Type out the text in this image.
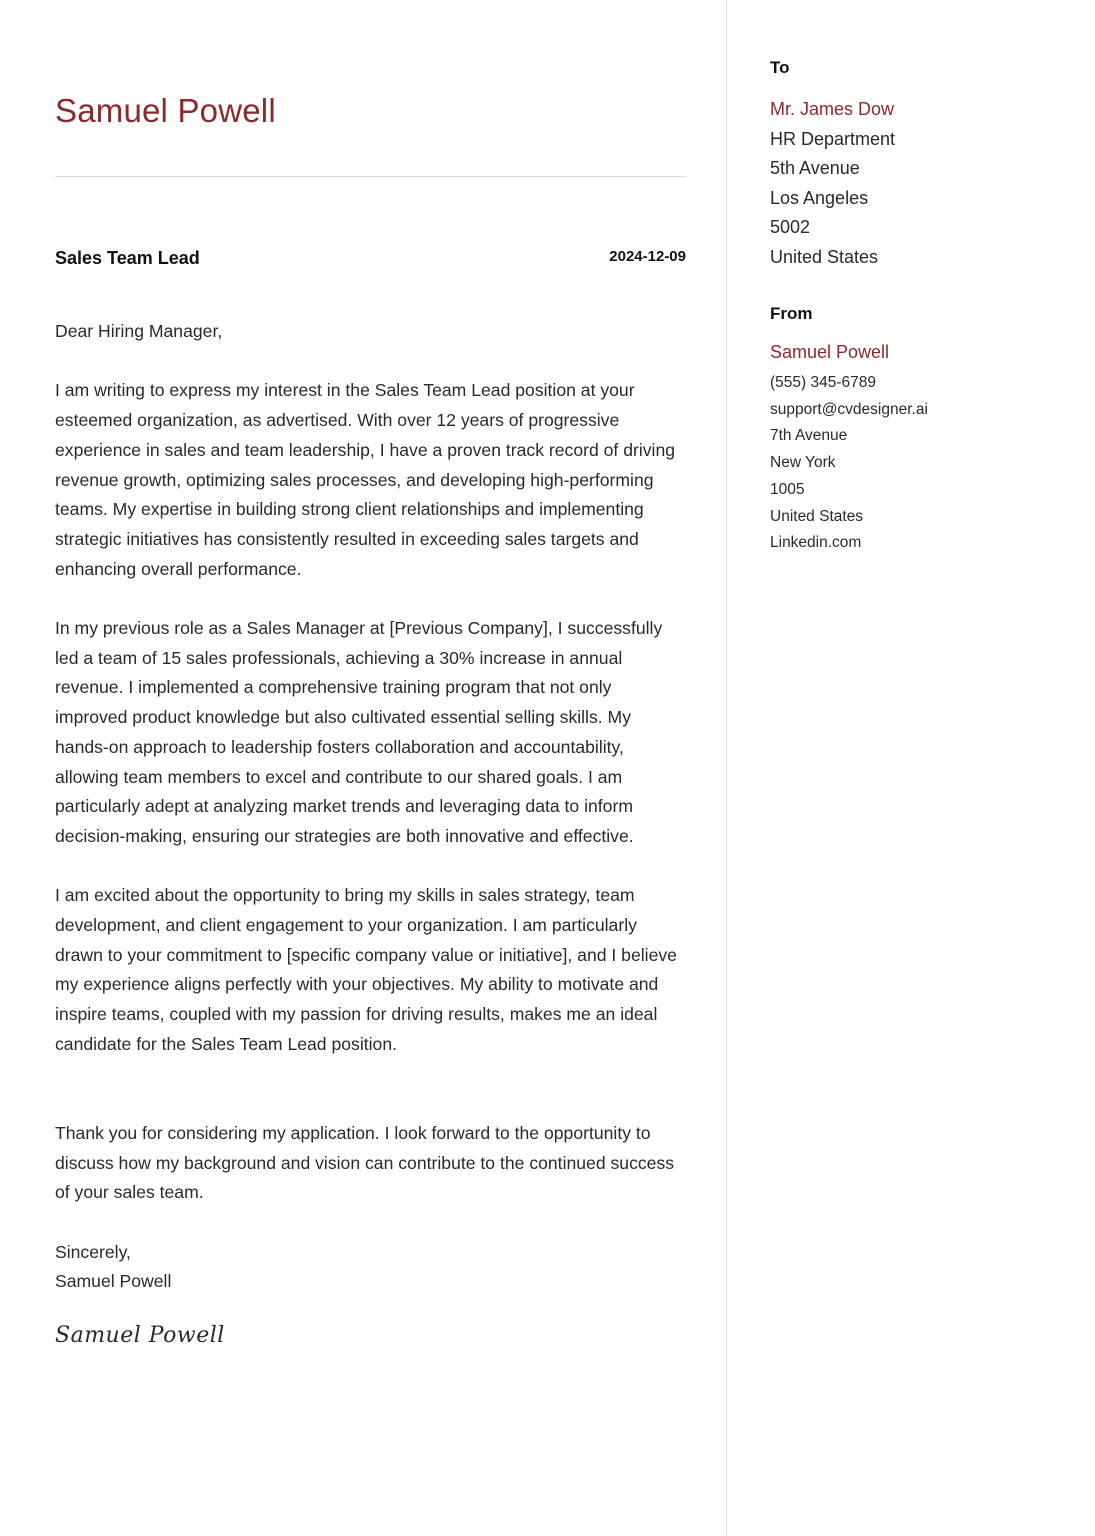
Samuel Powell
Sales Team Lead	2024-12-09

Dear Hiring Manager,

I am writing to express my interest in the Sales Team Lead position at your esteemed organization, as advertised. With over 12 years of progressive experience in sales and team leadership, I have a proven track record of driving revenue growth, optimizing sales processes, and developing high-performing teams. My expertise in building strong client relationships and implementing strategic initiatives has consistently resulted in exceeding sales targets and enhancing overall performance.

In my previous role as a Sales Manager at [Previous Company], I successfully led a team of 15 sales professionals, achieving a 30% increase in annual revenue. I implemented a comprehensive training program that not only improved product knowledge but also cultivated essential selling skills. My hands-on approach to leadership fosters collaboration and accountability, allowing team members to excel and contribute to our shared goals. I am particularly adept at analyzing market trends and leveraging data to inform decision-making, ensuring our strategies are both innovative and effective.

I am excited about the opportunity to bring my skills in sales strategy, team development, and client engagement to your organization. I am particularly drawn to your commitment to [specific company value or initiative], and I believe my experience aligns perfectly with your objectives. My ability to motivate and inspire teams, coupled with my passion for driving results, makes me an ideal candidate for the Sales Team Lead position.

Thank you for considering my application. I look forward to the opportunity to discuss how my background and vision can contribute to the continued success of your sales team.

Sincerely,
Samuel Powell
Samuel Powell
To
Mr. James Dow
HR Department
5th Avenue
Los Angeles
5002
United States
From
Samuel Powell
(555) 345-6789
support@cvdesigner.ai
7th Avenue
New York
1005
United States
Linkedin.com
